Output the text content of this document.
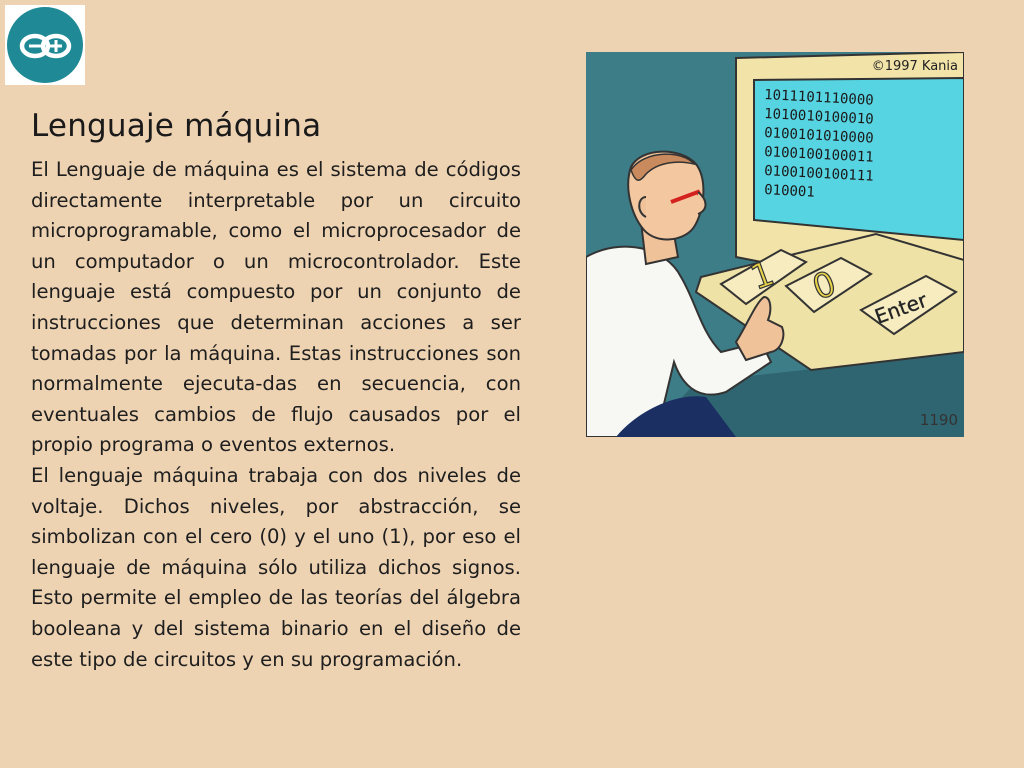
Lenguaje máquina

El Lenguaje de máquina es el sistema de códigos directamente interpretable por un circuito microprogramable, como el microprocesador de un computador o un microcontrolador. Este lenguaje está compuesto por un conjunto de instrucciones que determinan acciones a ser tomadas por la máquina. Estas instrucciones son normalmente ejecuta-das en secuencia, con eventuales cambios de flujo causados por el propio programa o eventos externos.

El lenguaje máquina trabaja con dos niveles de voltaje. Dichos niveles, por abstracción, se simbolizan con el cero (0) y el uno (1), por eso el lenguaje de máquina sólo utiliza dichos signos. Esto permite el empleo de las teorías del álgebra booleana y del sistema binario en el diseño de este tipo de circuitos y en su programación.

©1997 Kania
1011101110000
1010010100010
0100101010000
0100100100011
0100100100111
010001
1 0 Enter
1190
